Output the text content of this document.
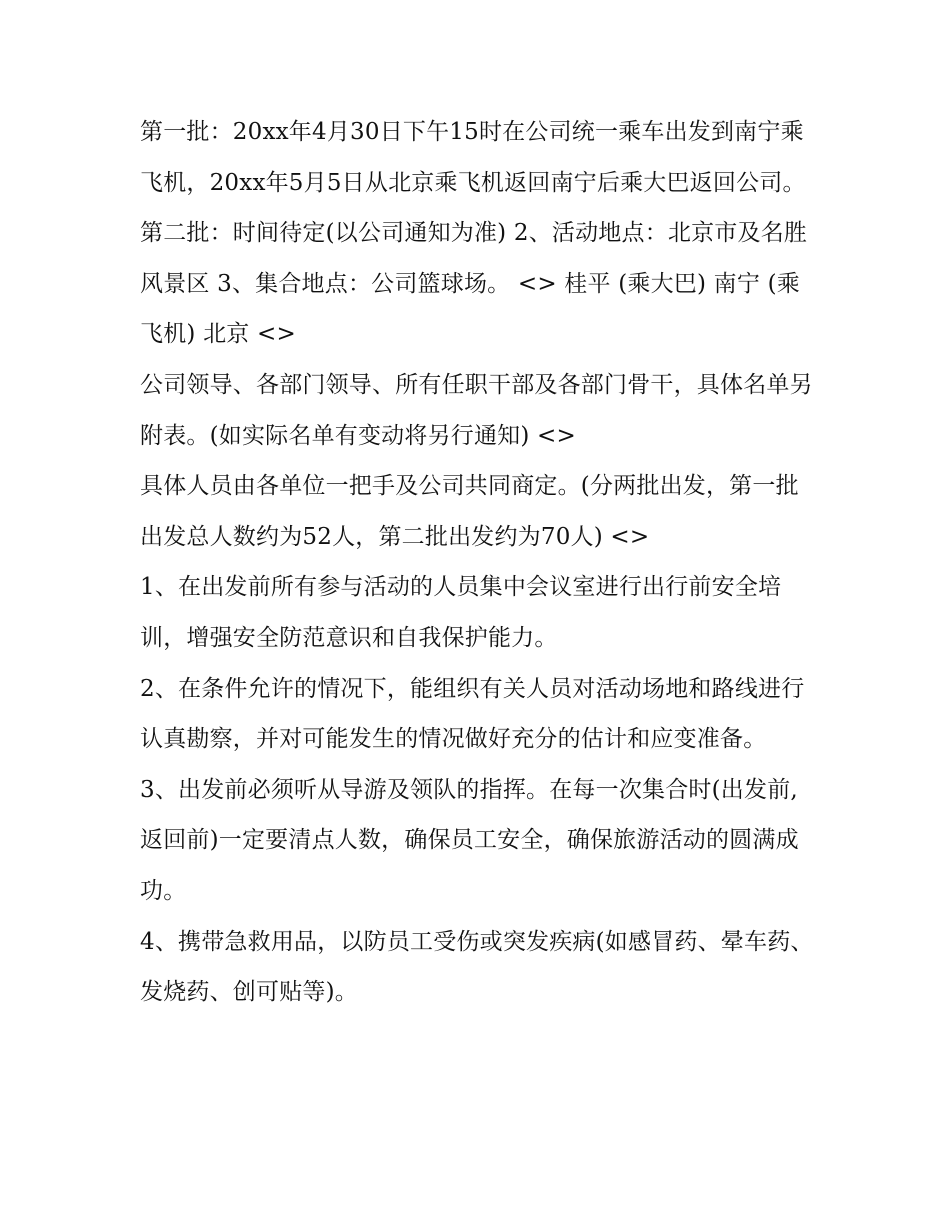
第一批：20xx年4月30日下午15时在公司统一乘车出发到南宁乘飞机，20xx年5月5日从北京乘飞机返回南宁后乘大巴返回公司。

第二批：时间待定(以公司通知为准) 2、活动地点：北京市及名胜风景区 3、集合地点：公司篮球场。 <> 桂平 (乘大巴) 南宁 (乘飞机) 北京 <>

公司领导、各部门领导、所有任职干部及各部门骨干，具体名单另附表。(如实际名单有变动将另行通知) <>

具体人员由各单位一把手及公司共同商定。(分两批出发，第一批出发总人数约为52人，第二批出发约为70人) <>

1、在出发前所有参与活动的人员集中会议室进行出行前安全培训，增强安全防范意识和自我保护能力。

2、在条件允许的情况下，能组织有关人员对活动场地和路线进行认真勘察，并对可能发生的情况做好充分的估计和应变准备。

3、出发前必须听从导游及领队的指挥。在每一次集合时(出发前,返回前)一定要清点人数，确保员工安全，确保旅游活动的圆满成功。

4、携带急救用品，以防员工受伤或突发疾病(如感冒药、晕车药、发烧药、创可贴等)。
